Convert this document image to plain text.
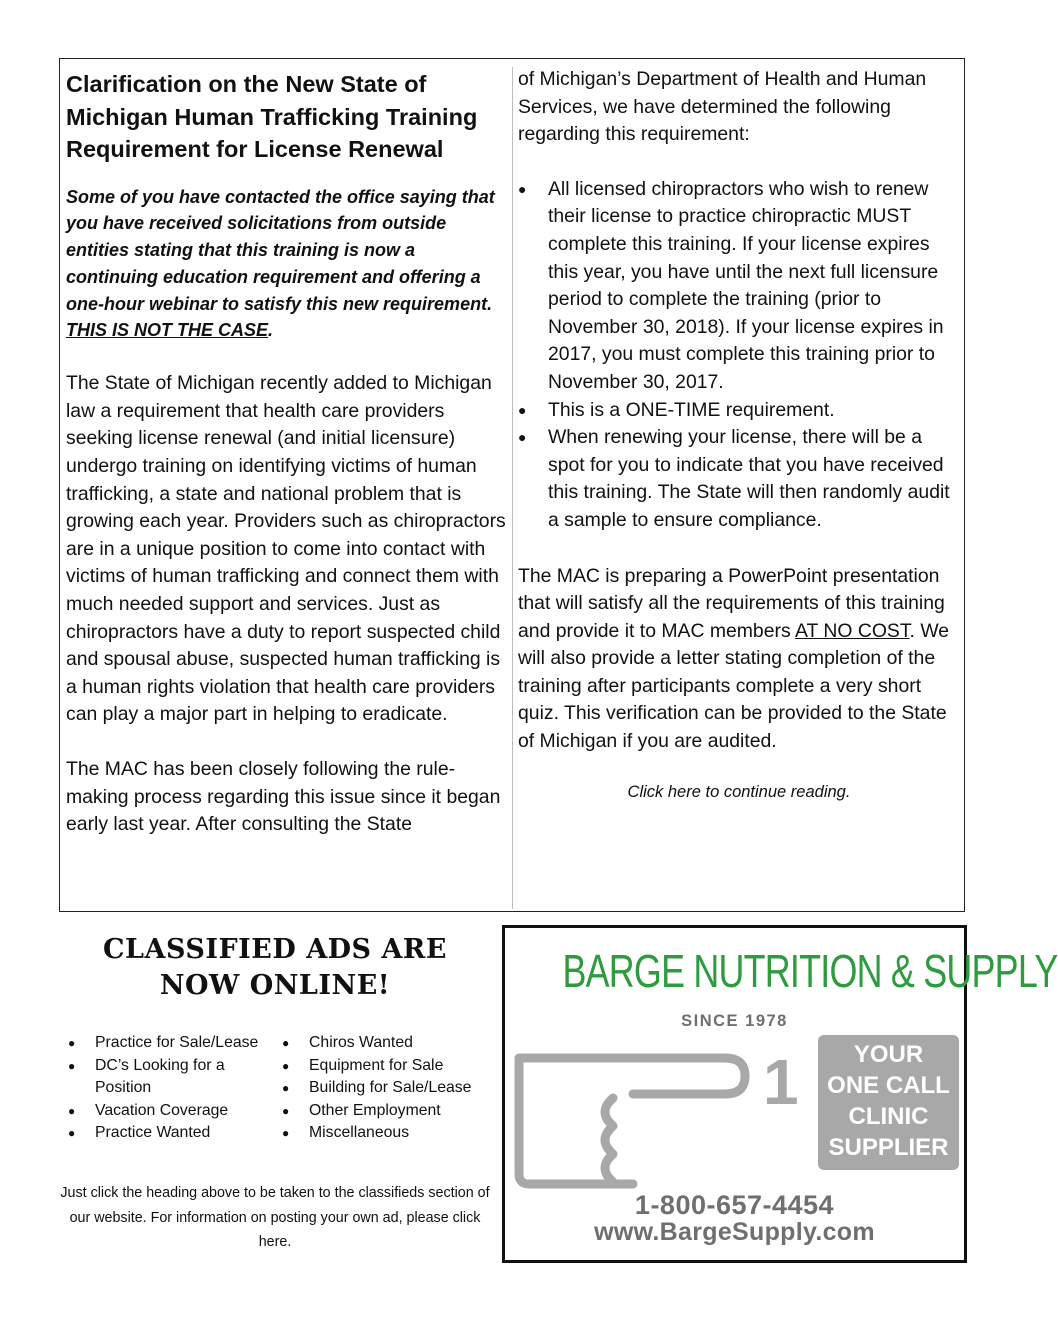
Clarification on the New State of Michigan Human Trafficking Training Requirement for License Renewal

Some of you have contacted the office saying that you have received solicitations from outside entities stating that this training is now a continuing education requirement and offering a one-hour webinar to satisfy this new requirement. THIS IS NOT THE CASE.

The State of Michigan recently added to Michigan law a requirement that health care providers seeking license renewal (and initial licensure) undergo training on identifying victims of human trafficking, a state and national problem that is growing each year. Providers such as chiropractors are in a unique position to come into contact with victims of human trafficking and connect them with much needed support and services. Just as chiropractors have a duty to report suspected child and spousal abuse, suspected human trafficking is a human rights violation that health care providers can play a major part in helping to eradicate.

The MAC has been closely following the rule-making process regarding this issue since it began early last year. After consulting the State

of Michigan’s Department of Health and Human Services, we have determined the following regarding this requirement:

● All licensed chiropractors who wish to renew their license to practice chiropractic MUST complete this training. If your license expires this year, you have until the next full licensure period to complete the training (prior to November 30, 2018). If your license expires in 2017, you must complete this training prior to November 30, 2017.
● This is a ONE-TIME requirement.
● When renewing your license, there will be a spot for you to indicate that you have received this training. The State will then randomly audit a sample to ensure compliance.

The MAC is preparing a PowerPoint presentation that will satisfy all the requirements of this training and provide it to MAC members AT NO COST. We will also provide a letter stating completion of the training after participants complete a very short quiz. This verification can be provided to the State of Michigan if you are audited.

Click here to continue reading.

CLASSIFIED ADS ARE
NOW ONLINE!
● Practice for Sale/Lease
● DC’s Looking for a Position
● Vacation Coverage
● Practice Wanted
● Chiros Wanted
● Equipment for Sale
● Building for Sale/Lease
● Other Employment
● Miscellaneous

Just click the heading above to be taken to the classifieds section of our website. For information on posting your own ad, please click here.

BARGE NUTRITION & SUPPLY
SINCE 1978
1	YOUR
ONE CALL
CLINIC
SUPPLIER
1-800-657-4454
www.BargeSupply.com
